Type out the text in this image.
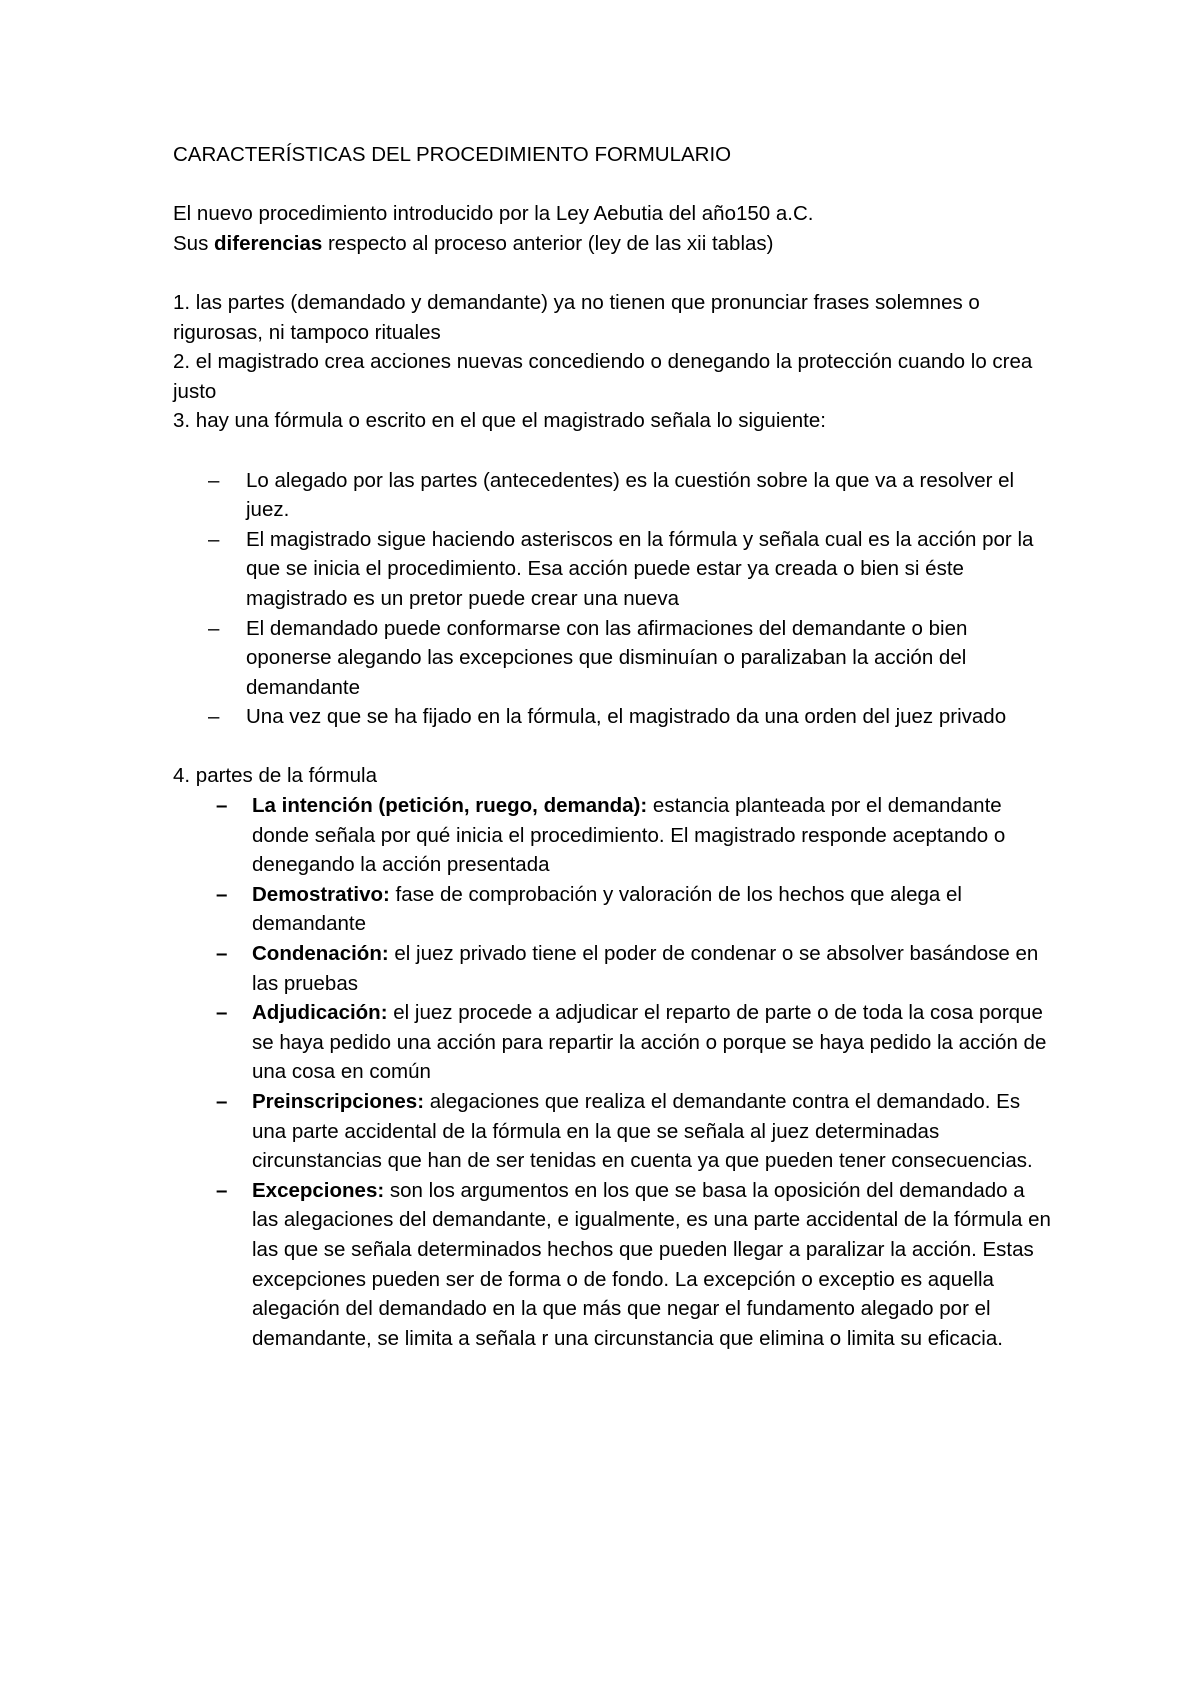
CARACTERÍSTICAS DEL PROCEDIMIENTO FORMULARIO

El nuevo procedimiento introducido por la Ley Aebutia del año150 a.C.

Sus diferencias respecto al proceso anterior (ley de las xii tablas)

1. las partes (demandado y demandante) ya no tienen que pronunciar frases solemnes o rigurosas, ni tampoco rituales

2. el magistrado crea acciones nuevas concediendo o denegando la protección cuando lo crea justo

3. hay una fórmula o escrito en el que el magistrado señala lo siguiente:

– Lo alegado por las partes (antecedentes) es la cuestión sobre la que va a resolver el juez.
– El magistrado sigue haciendo asteriscos en la fórmula y señala cual es la acción por la que se inicia el procedimiento. Esa acción puede estar ya creada o bien si éste magistrado es un pretor puede crear una nueva
– El demandado puede conformarse con las afirmaciones del demandante o bien oponerse alegando las excepciones que disminuían o paralizaban la acción del demandante
– Una vez que se ha fijado en la fórmula, el magistrado da una orden del juez privado

4. partes de la fórmula

– La intención (petición, ruego, demanda): estancia planteada por el demandante donde señala por qué inicia el procedimiento. El magistrado responde aceptando o denegando la acción presentada
– Demostrativo: fase de comprobación y valoración de los hechos que alega el demandante
– Condenación: el juez privado tiene el poder de condenar o se absolver basándose en las pruebas
– Adjudicación: el juez procede a adjudicar el reparto de parte o de toda la cosa porque se haya pedido una acción para repartir la acción o porque se haya pedido la acción de una cosa en común
– Preinscripciones: alegaciones que realiza el demandante contra el demandado. Es una parte accidental de la fórmula en la que se señala al juez determinadas circunstancias que han de ser tenidas en cuenta ya que pueden tener consecuencias.
– Excepciones: son los argumentos en los que se basa la oposición del demandado a las alegaciones del demandante, e igualmente, es una parte accidental de la fórmula en las que se señala determinados hechos que pueden llegar a paralizar la acción. Estas excepciones pueden ser de forma o de fondo. La excepción o exceptio es aquella alegación del demandado en la que más que negar el fundamento alegado por el demandante, se limita a señala r una circunstancia que elimina o limita su eficacia.
